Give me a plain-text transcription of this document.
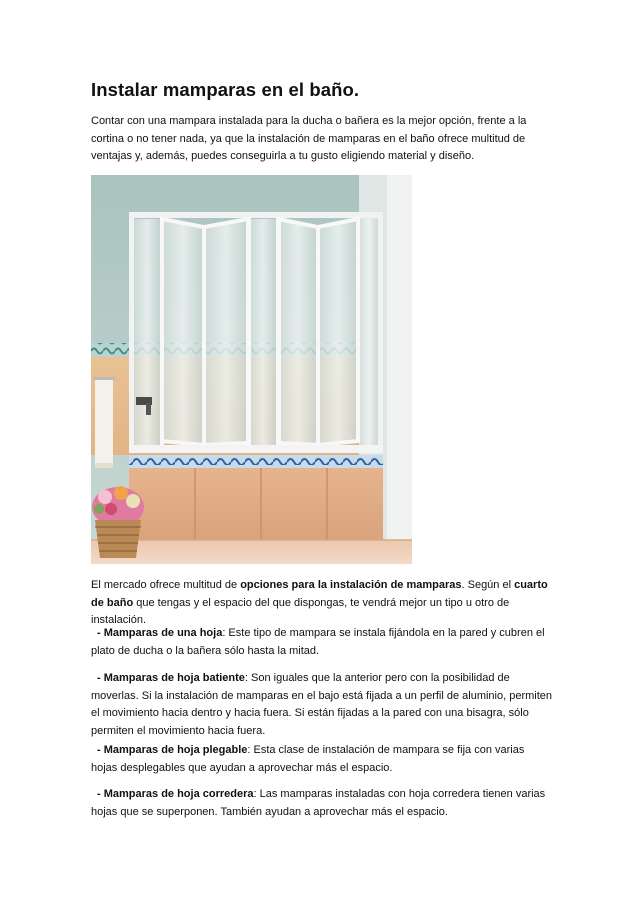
Instalar mamparas en el baño.

Contar con una mampara instalada para la ducha o bañera es la mejor opción, frente a la cortina o no tener nada, ya que la instalación de mamparas en el baño ofrece multitud de ventajas y, además, puedes conseguirla a tu gusto eligiendo material y diseño.

El mercado ofrece multitud de opciones para la instalación de mamparas. Según el cuarto de baño que tengas y el espacio del que dispongas, te vendrá mejor un tipo u otro de instalación.

- Mamparas de una hoja: Este tipo de mampara se instala fijándola en la pared y cubren el plato de ducha o la bañera sólo hasta la mitad.

- Mamparas de hoja batiente: Son iguales que la anterior pero con la posibilidad de moverlas. Si la instalación de mamparas en el bajo está fijada a un perfil de aluminio, permiten el movimiento hacia dentro y hacia fuera. Si están fijadas a la pared con una bisagra, sólo permiten el movimiento hacia fuera.

- Mamparas de hoja plegable: Esta clase de instalación de mampara se fija con varias hojas desplegables que ayudan a aprovechar más el espacio.

- Mamparas de hoja corredera: Las mamparas instaladas con hoja corredera tienen varias hojas que se superponen. También ayudan a aprovechar más el espacio.
